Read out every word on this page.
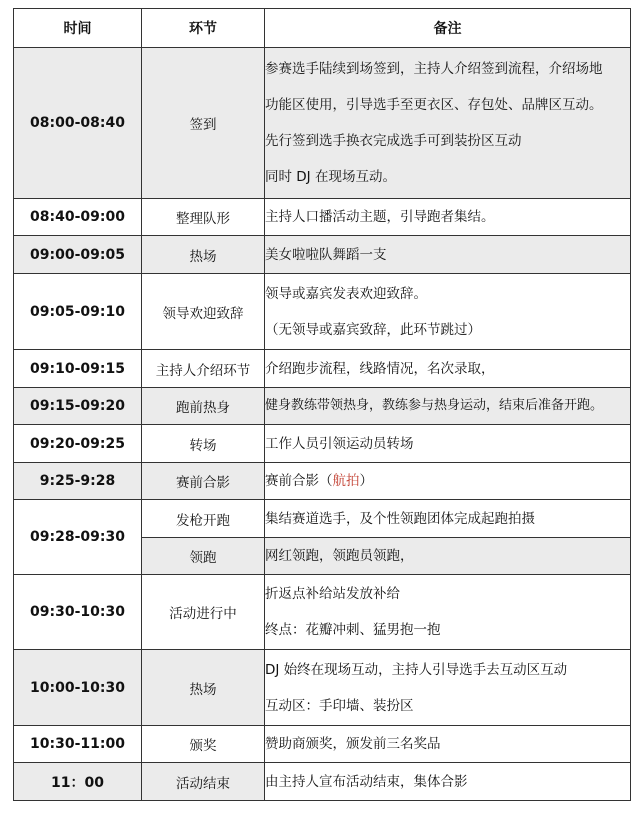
时间	环节	备注
08:00-08:40	签到	参赛选手陆续到场签到，主持人介绍签到流程，介绍场地
功能区使用，引导选手至更衣区、存包处、品牌区互动。
先行签到选手换衣完成选手可到装扮区互动
同时 DJ 在现场互动。

08:40-09:00	整理队形	主持人口播活动主题，引导跑者集结。

09:00-09:05	热场	美女啦啦队舞蹈一支

09:05-09:10	领导欢迎致辞	领导或嘉宾发表欢迎致辞。
（无领导或嘉宾致辞，此环节跳过）

09:10-09:15	主持人介绍环节	介绍跑步流程，线路情况，名次录取，

09:15-09:20	跑前热身	健身教练带领热身，教练参与热身运动，结束后准备开跑。

09:20-09:25	转场	工作人员引领运动员转场

9:25-9:28	赛前合影	赛前合影（航拍）

09:28-09:30	发枪开跑	集结赛道选手，及个性领跑团体完成起跑拍摄

	领跑	网红领跑，领跑员领跑，

09:30-10:30	活动进行中	折返点补给站发放补给
终点：花瓣冲刺、猛男抱一抱

10:00-10:30	热场	DJ 始终在现场互动，主持人引导选手去互动区互动
互动区：手印墙、装扮区

10:30-11:00	颁奖	赞助商颁奖，颁发前三名奖品

11：00	活动结束	由主持人宣布活动结束，集体合影
